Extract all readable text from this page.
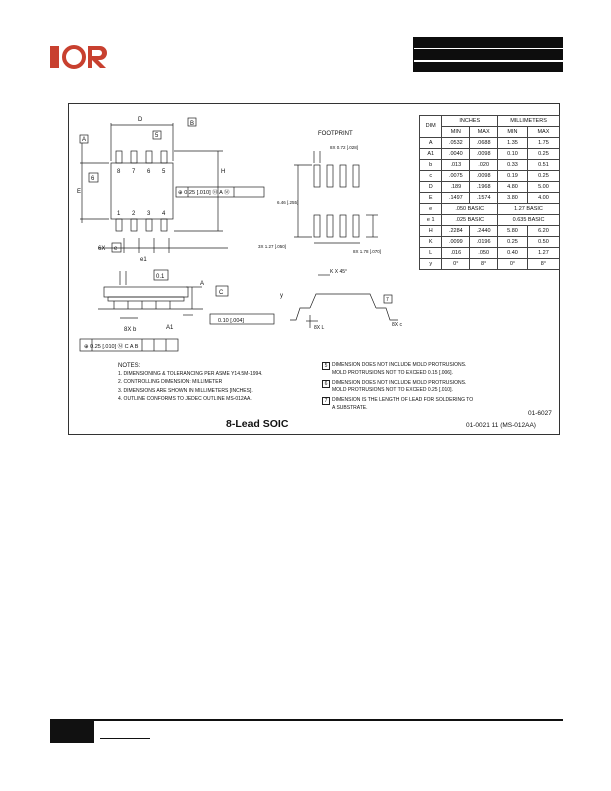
IOR
D
B
A
5
6
E
H
8 7 6 5
1 2 3 4
⊕ 0.25 [.010] Ⓜ A Ⓜ
6X e
e1
FOOTPRINT
8X 0.72 [.028]
6.46 [.255]
3X 1.27 [.050]
8X 1.78 [.070]
0.1
A
C
8X b	A1
0.10 [.004]
⊕ 0.25 [.010] Ⓜ C A B
K X 45°
y
8X L	8X c
7
DIM	INCHES		MILLIMETERS	
	MIN	MAX	MIN	MAX
A	.0532	.0688	1.35	1.75
A1	.0040	.0098	0.10	0.25
b	.013	.020	0.33	0.51
c	.0075	.0098	0.19	0.25
D	.189	.1968	4.80	5.00
E	.1497	.1574	3.80	4.00
e	.050 BASIC		1.27 BASIC	
e 1	.025 BASIC		0.635 BASIC	
H	.2284	.2440	5.80	6.20
K	.0099	.0196	0.25	0.50
L	.016	.050	0.40	1.27
y	0°	8°	0°	8°
NOTES:
1. DIMENSIONING & TOLERANCING PER ASME Y14.5M-1994.
2. CONTROLLING DIMENSION: MILLIMETER
3. DIMENSIONS ARE SHOWN IN MILLIMETERS [INCHES].
4. OUTLINE CONFORMS TO JEDEC OUTLINE MS-012AA.
5 DIMENSION DOES NOT INCLUDE MOLD PROTRUSIONS.
MOLD PROTRUSIONS NOT TO EXCEED 0.15 [.006].
6 DIMENSION DOES NOT INCLUDE MOLD PROTRUSIONS.
MOLD PROTRUSIONS NOT TO EXCEED 0.25 [.010].
7 DIMENSION IS THE LENGTH OF LEAD FOR SOLDERING TO
A SUBSTRATE.
8-Lead SOIC
01-6027
01-0021 11 (MS-012AA)
